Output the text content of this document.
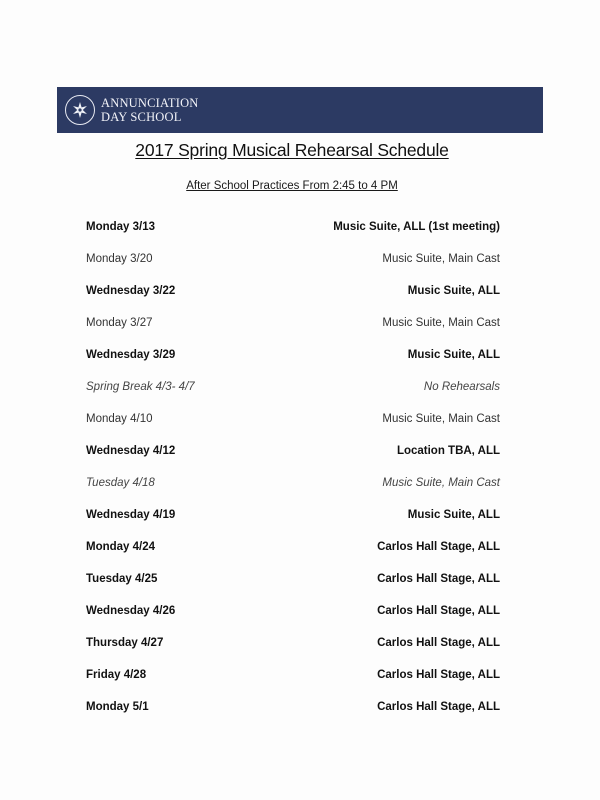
ANNUNCIATION
DAY SCHOOL
2017 Spring Musical Rehearsal Schedule
After School Practices From 2:45 to 4 PM
Monday 3/13	Music Suite, ALL (1st meeting)
Monday 3/20	Music Suite, Main Cast
Wednesday 3/22	Music Suite, ALL
Monday 3/27	Music Suite, Main Cast
Wednesday 3/29	Music Suite, ALL
Spring Break 4/3- 4/7	No Rehearsals
Monday 4/10	Music Suite, Main Cast
Wednesday 4/12	Location TBA, ALL
Tuesday 4/18	Music Suite, Main Cast
Wednesday 4/19	Music Suite, ALL
Monday 4/24	Carlos Hall Stage, ALL
Tuesday 4/25	Carlos Hall Stage, ALL
Wednesday 4/26	Carlos Hall Stage, ALL
Thursday 4/27	Carlos Hall Stage, ALL
Friday 4/28	Carlos Hall Stage, ALL
Monday 5/1	Carlos Hall Stage, ALL
